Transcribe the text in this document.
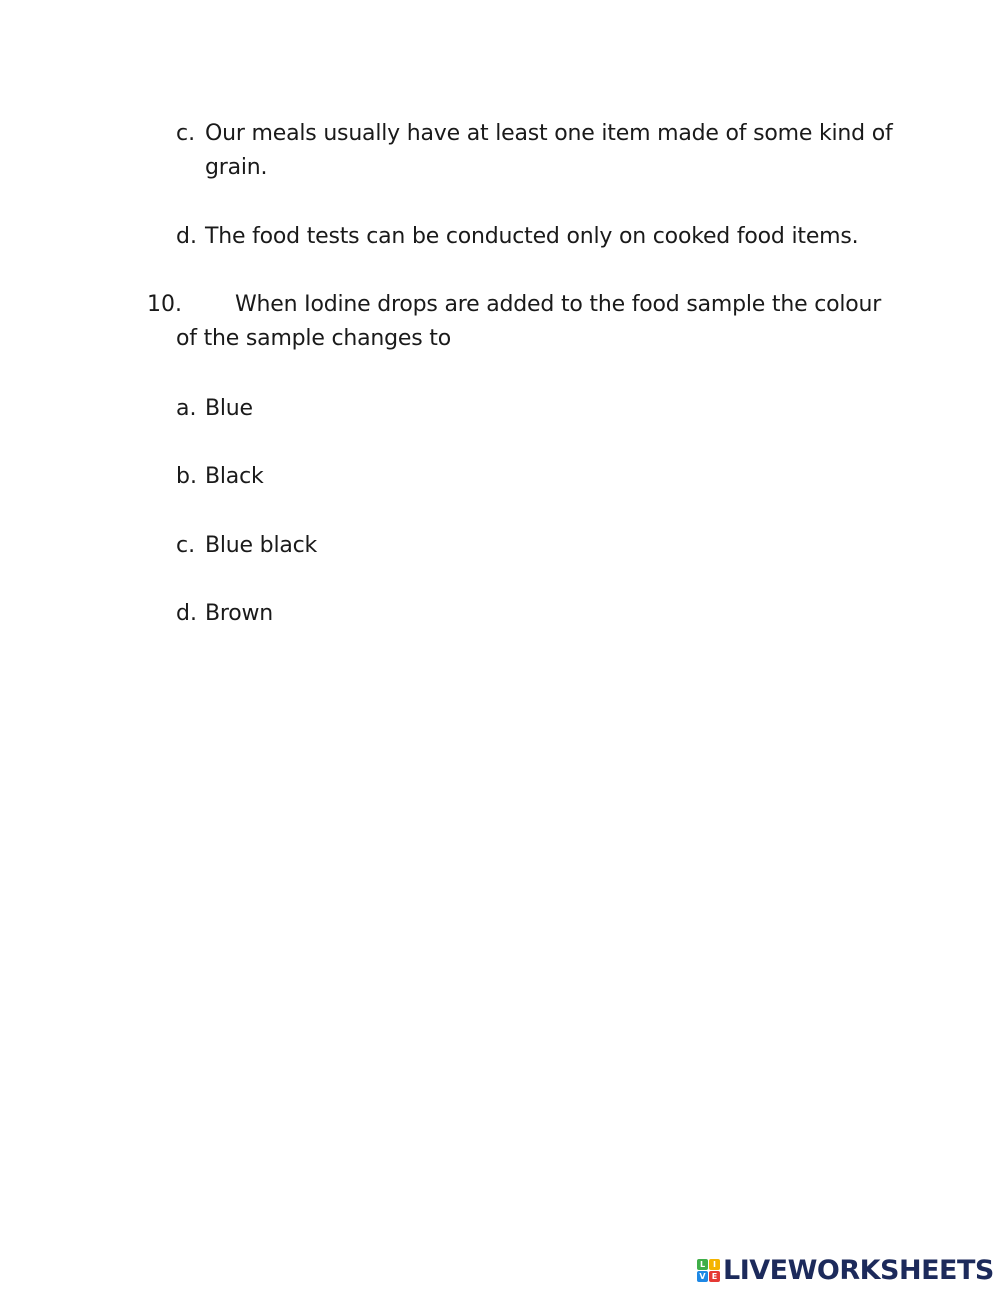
c. Our meals usually have at least one item made of some kind of
grain.
d. The food tests can be conducted only on cooked food items.
10. When Iodine drops are added to the food sample the colour
of the sample changes to
a. Blue
b. Black
c. Blue black
d. Brown
L I
V E LIVEWORKSHEETS
